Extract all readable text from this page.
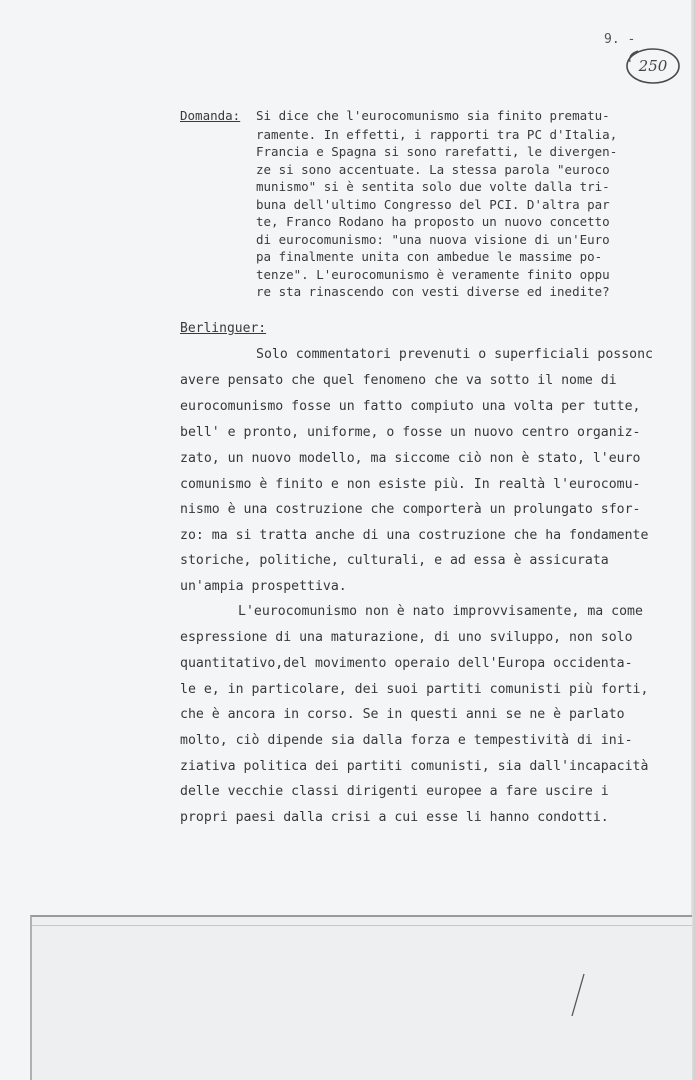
9. -
250
Domanda: Si dice che l'eurocomunismo sia finito prematu-
ramente. In effetti, i rapporti tra PC d'Italia,
Francia e Spagna si sono rarefatti, le divergen-
ze si sono accentuate. La stessa parola "euroco
munismo" si è sentita solo due volte dalla tri-
buna dell'ultimo Congresso del PCI. D'altra par
te, Franco Rodano ha proposto un nuovo concetto
di eurocomunismo: "una nuova visione di un'Euro
pa finalmente unita con ambedue le massime po-
tenze". L'eurocomunismo è veramente finito oppu
re sta rinascendo con vesti diverse ed inedite?
Berlinguer:
Solo commentatori prevenuti o superficiali possonc
avere pensato che quel fenomeno che va sotto il nome di
eurocomunismo fosse un fatto compiuto una volta per tutte,
bell' e pronto, uniforme, o fosse un nuovo centro organiz-
zato, un nuovo modello, ma siccome ciò non è stato, l'euro
comunismo è finito e non esiste più. In realtà l'eurocomu-
nismo è una costruzione che comporterà un prolungato sfor-
zo: ma si tratta anche di una costruzione che ha fondamente
storiche, politiche, culturali, e ad essa è assicurata
un'ampia prospettiva.
L'eurocomunismo non è nato improvvisamente, ma come
espressione di una maturazione, di uno sviluppo, non solo
quantitativo,del movimento operaio dell'Europa occidenta-
le e, in particolare, dei suoi partiti comunisti più forti,
che è ancora in corso. Se in questi anni se ne è parlato
molto, ciò dipende sia dalla forza e tempestività di ini-
ziativa politica dei partiti comunisti, sia dall'incapacità
delle vecchie classi dirigenti europee a fare uscire i
propri paesi dalla crisi a cui esse li hanno condotti.
